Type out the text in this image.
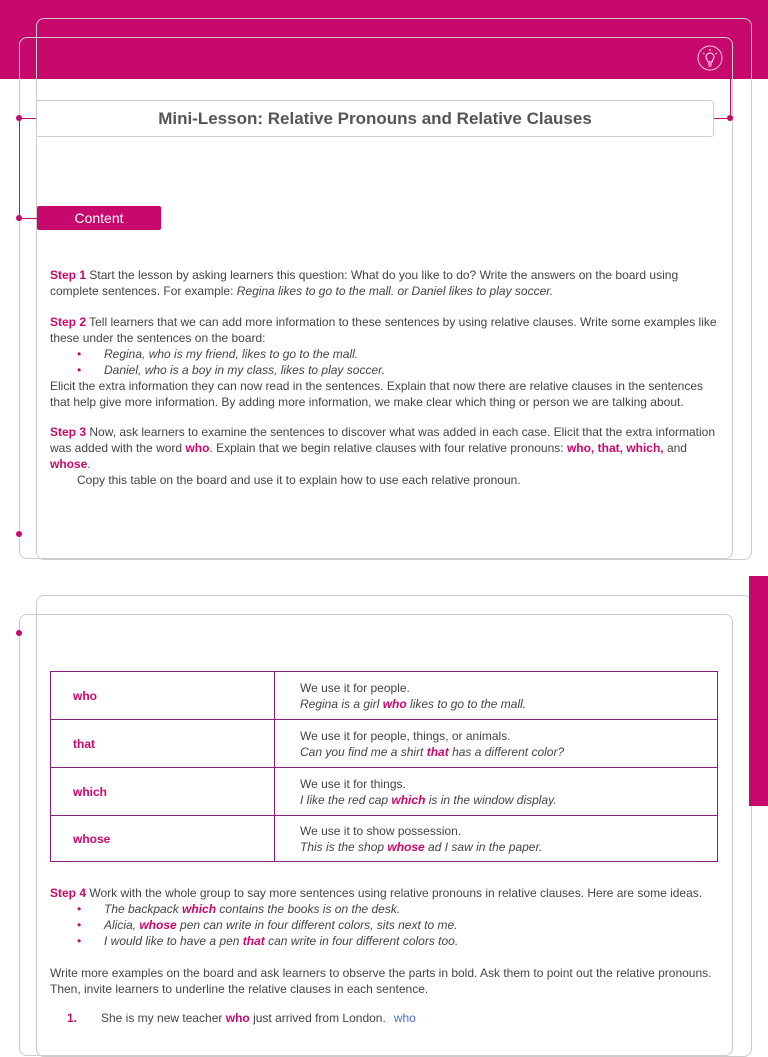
Mini-Lesson: Relative Pronouns and Relative Clauses
Content
Step 1 Start the lesson by asking learners this question: What do you like to do? Write the answers on the board using complete sentences. For example: Regina likes to go to the mall. or Daniel likes to play soccer.
Step 2 Tell learners that we can add more information to these sentences by using relative clauses. Write some examples like these under the sentences on the board:
• Regina, who is my friend, likes to go to the mall.
• Daniel, who is a boy in my class, likes to play soccer.
Elicit the extra information they can now read in the sentences. Explain that now there are relative clauses in the sentences that help give more information. By adding more information, we make clear which thing or person we are talking about.
Step 3 Now, ask learners to examine the sentences to discover what was added in each case. Elicit that the extra information was added with the word who. Explain that we begin relative clauses with four relative pronouns: who, that, which, and whose.
Copy this table on the board and use it to explain how to use each relative pronoun.
who	We use it for people.
Regina is a girl who likes to go to the mall.

that	We use it for people, things, or animals.
Can you find me a shirt that has a different color?

which	We use it for things.
I like the red cap which is in the window display.

whose	We use it to show possession.
This is the shop whose ad I saw in the paper.
Step 4 Work with the whole group to say more sentences using relative pronouns in relative clauses. Here are some ideas.
• The backpack which contains the books is on the desk.
• Alicia, whose pen can write in four different colors, sits next to me.
• I would like to have a pen that can write in four different colors too.
Write more examples on the board and ask learners to observe the parts in bold. Ask them to point out the relative pronouns. Then, invite learners to underline the relative clauses in each sentence.
1. She is my new teacher who just arrived from London. who
